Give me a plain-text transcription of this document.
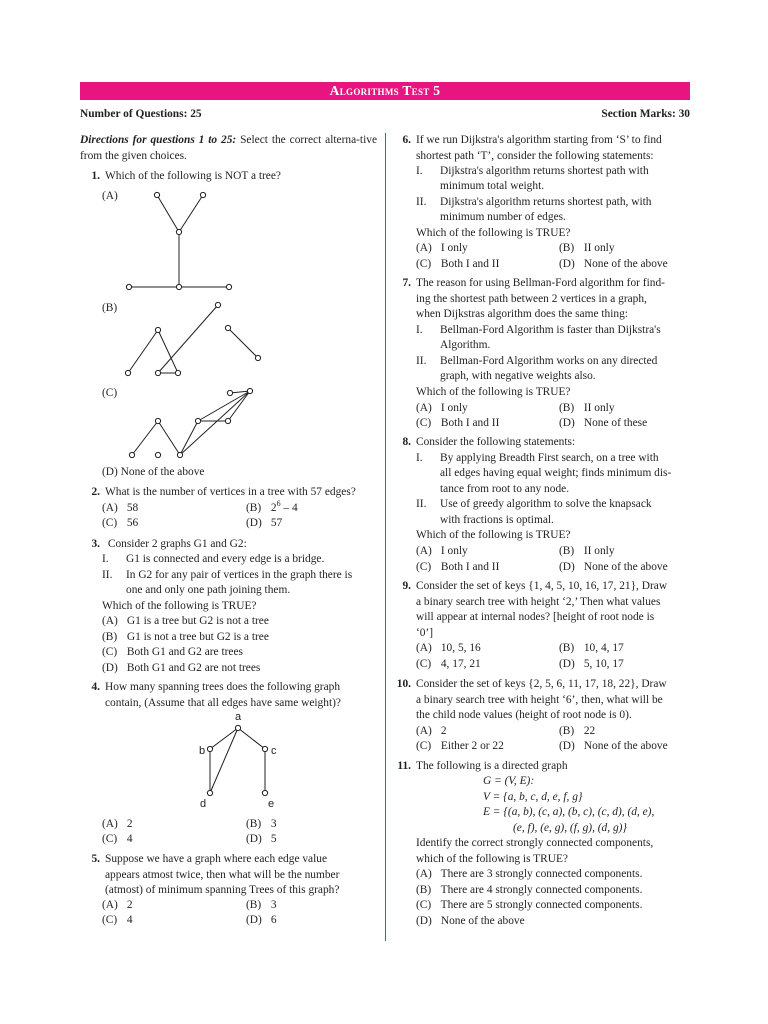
Algorithms Test 5
Number of Questions: 25	Section Marks: 30
Directions for questions 1 to 25: Select the correct alterna-tive from the given choices.
1. Which of the following is NOT a tree?
(A)
(B)
(C)
(D) None of the above
2. What is the number of vertices in a tree with 57 edges?
(A) 58	(B) $2^6 - 4$
(C) 56	(D) 57
3. Consider 2 graphs G1 and G2:
I. G1 is connected and every edge is a bridge.
II. In G2 for any pair of vertices in the graph there is
one and only one path joining them.
Which of the following is TRUE?
(A) G1 is a tree but G2 is not a tree
(B) G1 is not a tree but G2 is a tree
(C) Both G1 and G2 are trees
(D) Both G1 and G2 are not trees
4. How many spanning trees does the following graph
contain, (Assume that all edges have same weight)?
a
b	c
d	e
(A) 2	(B) 3
(C) 4	(D) 5
5. Suppose we have a graph where each edge value
appears atmost twice, then what will be the number
(atmost) of minimum spanning Trees of this graph?
(A) 2	(B) 3
(C) 4	(D) 6
6. If we run Dijkstra's algorithm starting from ‘S’ to find
shortest path ‘T’, consider the following statements:
I. Dijkstra's algorithm returns shortest path with
minimum total weight.
II. Dijkstra's algorithm returns shortest path, with
minimum number of edges.
Which of the following is TRUE?
(A) I only	(B) II only
(C) Both I and II	(D) None of the above
7. The reason for using Bellman-Ford algorithm for find-
ing the shortest path between 2 vertices in a graph,
when Dijkstras algorithm does the same thing:
I. Bellman-Ford Algorithm is faster than Dijkstra's
Algorithm.
II. Bellman-Ford Algorithm works on any directed
graph, with negative weights also.
Which of the following is TRUE?
(A) I only	(B) II only
(C) Both I and II	(D) None of these
8. Consider the following statements:
I. By applying Breadth First search, on a tree with
all edges having equal weight; finds minimum dis-
tance from root to any node.
II. Use of greedy algorithm to solve the knapsack
with fractions is optimal.
Which of the following is TRUE?
(A) I only	(B) II only
(C) Both I and II	(D) None of the above
9. Consider the set of keys {1, 4, 5, 10, 16, 17, 21}, Draw
a binary search tree with height ‘2,’ Then what values
will appear at internal nodes? [height of root node is
‘0’]
(A) 10, 5, 16	(B) 10, 4, 17
(C) 4, 17, 21	(D) 5, 10, 17
10. Consider the set of keys {2, 5, 6, 11, 17, 18, 22}, Draw
a binary search tree with height ‘6’, then, what will be
the child node values (height of root node is 0).
(A) 2	(B) 22
(C) Either 2 or 22	(D) None of the above
11. The following is a directed graph
G = (V, E):
V = {a, b, c, d, e, f, g}
E = {(a, b), (c, a), (b, c), (c, d), (d, e),
(e, f), (e, g), (f, g), (d, g)}
Identify the correct strongly connected components,
which of the following is TRUE?
(A) There are 3 strongly connected components.
(B) There are 4 strongly connected components.
(C) There are 5 strongly connected components.
(D) None of the above
